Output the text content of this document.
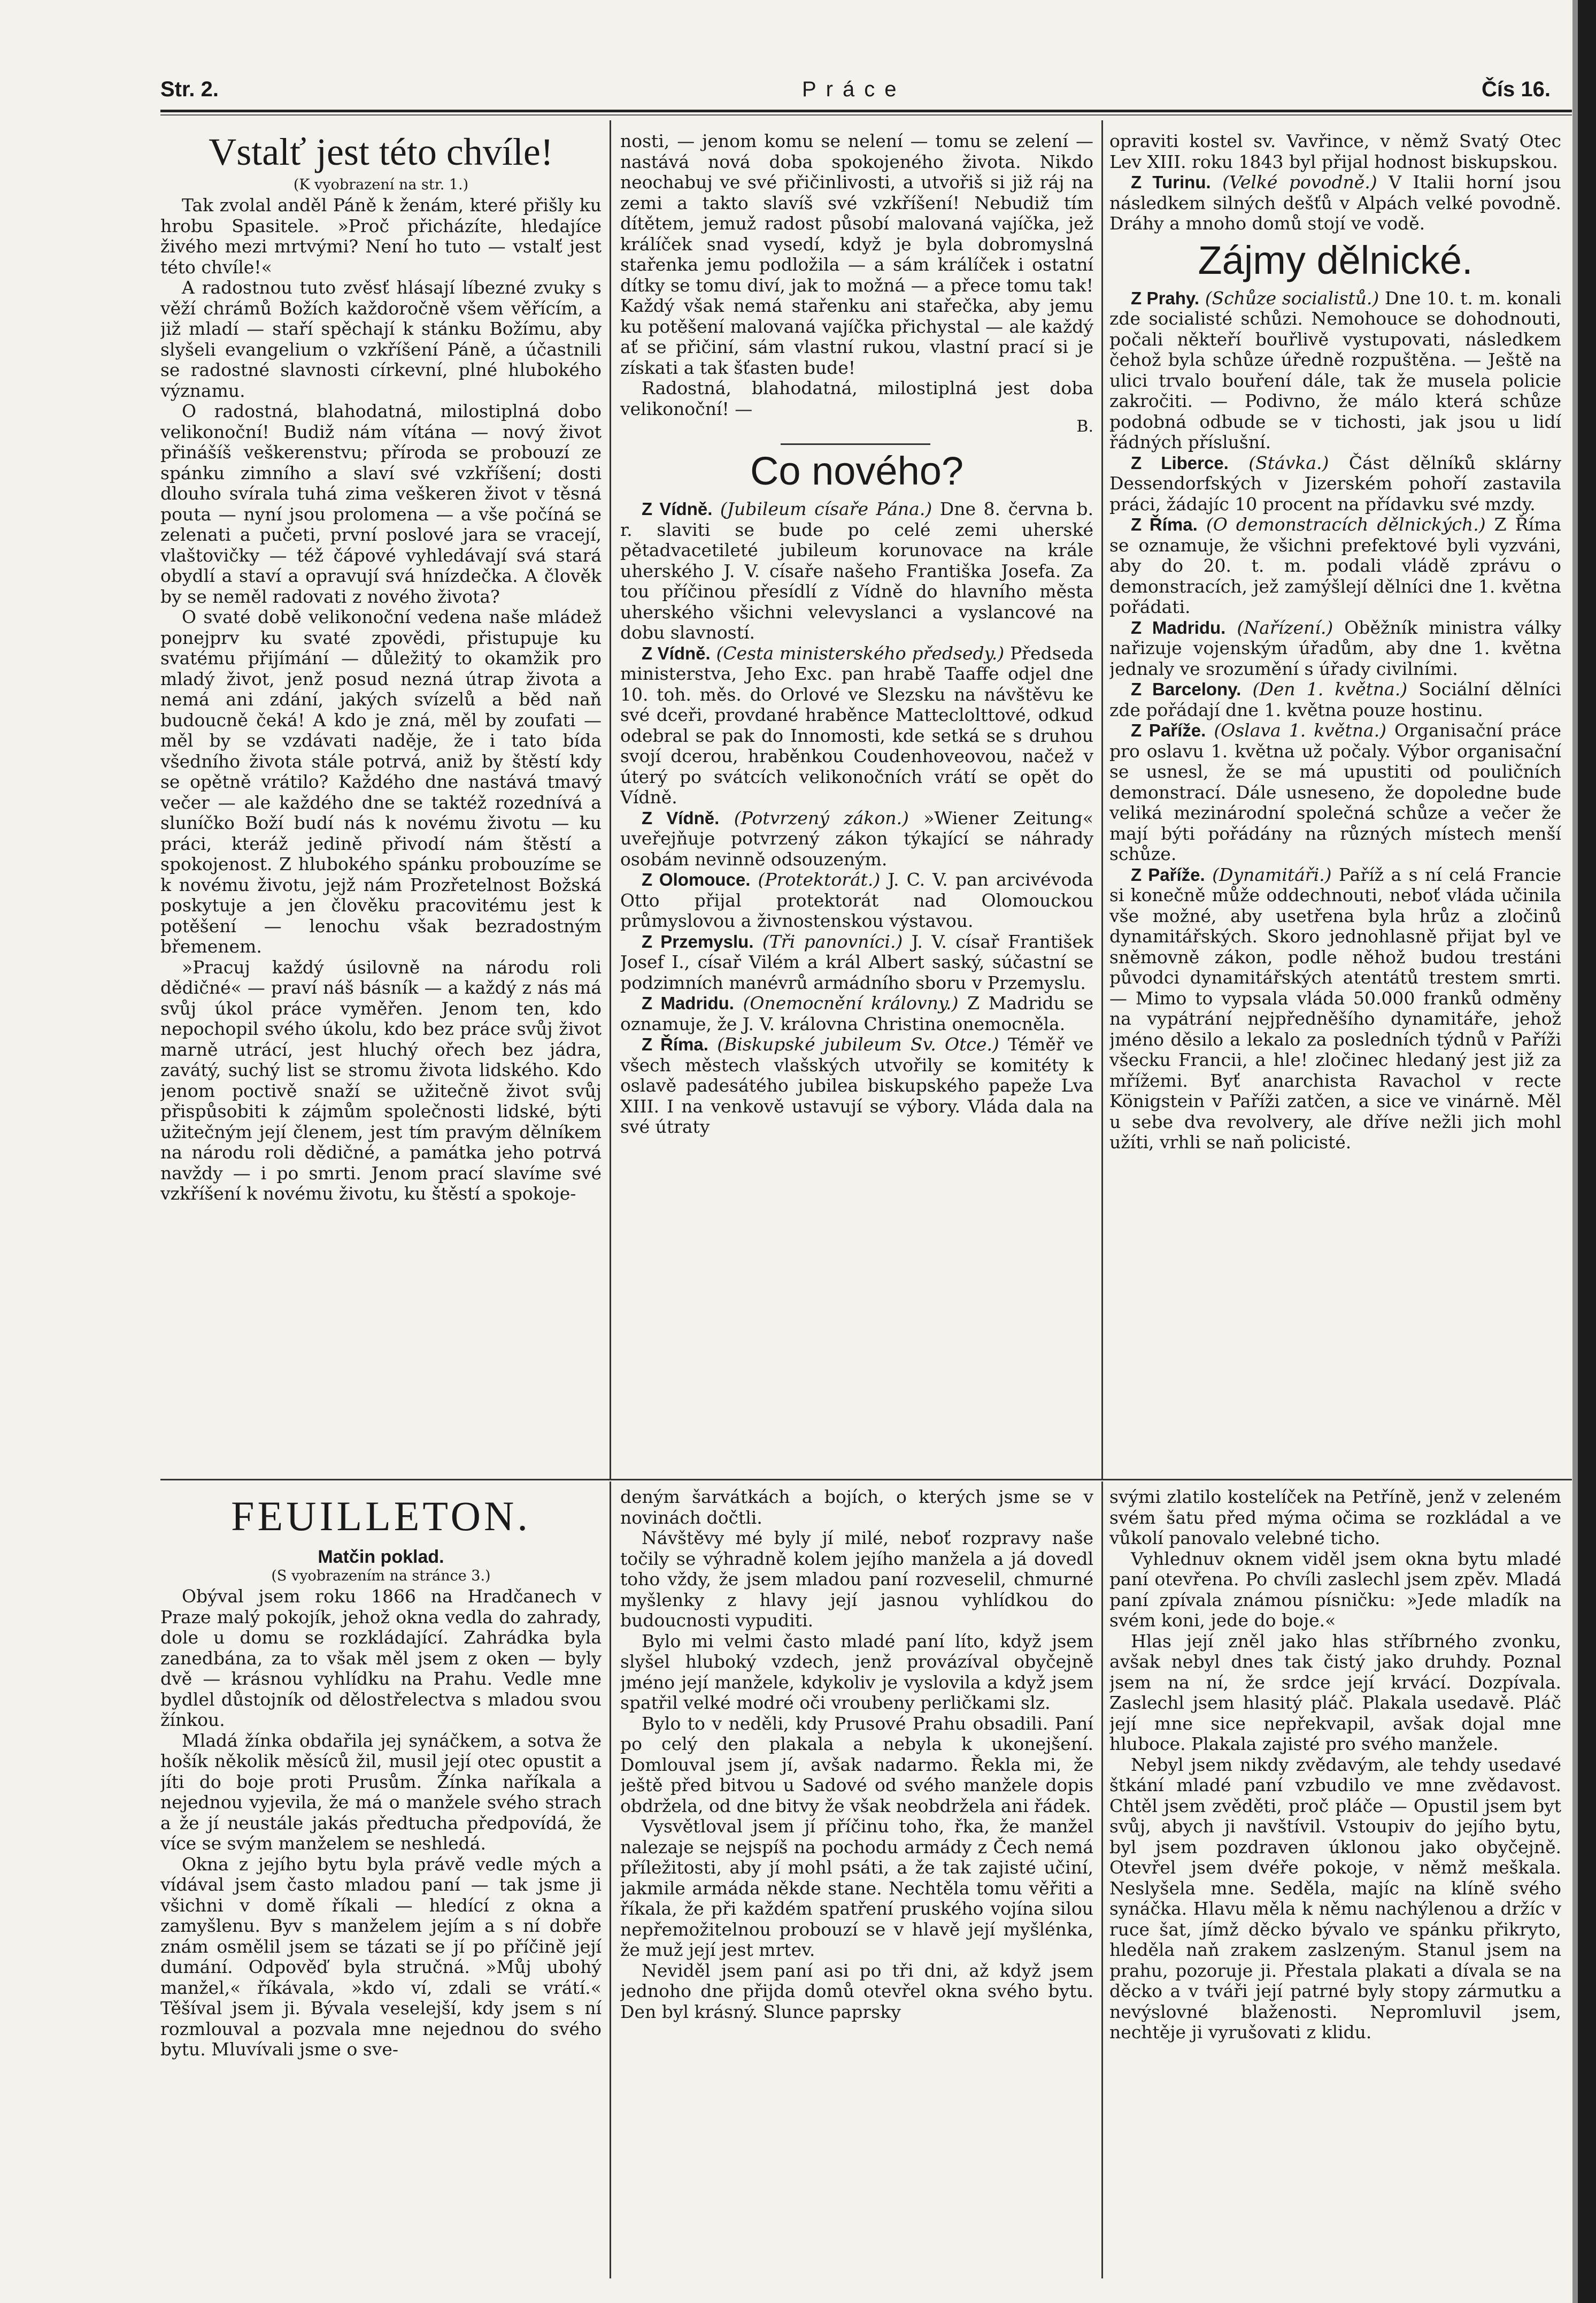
Str. 2.	Práce	Čís 16.
Vstalť jest této chvíle!
(K vyobrazení na str. 1.)

Tak zvolal anděl Páně k ženám, které přišly ku hrobu Spasitele. »Proč přicházíte, hledajíce živého mezi mrtvými? Není ho tuto — vstalť jest této chvíle!«

A radostnou tuto zvěsť hlásají líbezné zvuky s věží chrámů Božích každoročně všem věřícím, a již mladí — staří spěchají k stánku Božímu, aby slyšeli evangelium o vzkříšení Páně, a účastnili se radostné slavnosti církevní, plné hlubokého významu.

O radostná, blahodatná, milostiplná dobo velikonoční! Budiž nám vítána — nový život přinášíš veškerenstvu; příroda se probouzí ze spánku zimního a slaví své vzkříšení; dosti dlouho svírala tuhá zima veškeren život v těsná pouta — nyní jsou prolomena — a vše počíná se zelenati a pučeti, první poslové jara se vracejí, vlaštovičky — též čápové vyhledávají svá stará obydlí a staví a opravují svá hnízdečka. A člověk by se neměl radovati z nového života?

O svaté době velikonoční vedena naše mládež ponejprv ku svaté zpovědi, přistupuje ku svatému přijímání — důležitý to okamžik pro mladý život, jenž posud nezná útrap života a nemá ani zdání, jakých svízelů a běd naň budoucně čeká! A kdo je zná, měl by zoufati — měl by se vzdávati naděje, že i tato bída všedního života stále potrvá, aniž by štěstí kdy se opětně vrátilo? Každého dne nastává tmavý večer — ale každého dne se taktéž rozednívá a sluníčko Boží budí nás k novému životu — ku práci, kteráž jedině přivodí nám štěstí a spokojenost. Z hlubokého spánku probouzíme se k novému životu, jejž nám Prozřetelnost Božská poskytuje a jen člověku pracovitému jest k potěšení — lenochu však bezradostným břemenem.

»Pracuj každý úsilovně na národu roli dědičné« — praví náš básník — a každý z nás má svůj úkol práce vyměřen. Jenom ten, kdo nepochopil svého úkolu, kdo bez práce svůj život marně utrácí, jest hluchý ořech bez jádra, zavátý, suchý list se stromu života lidského. Kdo jenom poctivě snaží se užitečně život svůj přispůsobiti k zájmům společnosti lidské, býti užitečným její členem, jest tím pravým dělníkem na národu roli dědičné, a památka jeho potrvá navždy — i po smrti. Jenom prací slavíme své vzkříšení k novému životu, ku štěstí a spokoje-

nosti, — jenom komu se nelení — tomu se zelení — nastává nová doba spokojeného života. Nikdo neochabuj ve své přičinlivosti, a utvořiš si již ráj na zemi a takto slavíš své vzkříšení! Nebudiž tím dítětem, jemuž radost působí malovaná vajíčka, jež králíček snad vysedí, když je byla dobromyslná stařenka jemu podložila — a sám králíček i ostatní dítky se tomu diví, jak to možná — a přece tomu tak! Každý však nemá stařenku ani stařečka, aby jemu ku potěšení malovaná vajíčka přichystal — ale každý ať se přičiní, sám vlastní rukou, vlastní prací si je získati a tak šťasten bude!

Radostná, blahodatná, milostiplná jest doba velikonoční! —

B.
Co nového?

Z Vídně. (Jubileum císaře Pána.) Dne 8. června b. r. slaviti se bude po celé zemi uherské pětadvacetileté jubileum korunovace na krále uherského J. V. císaře našeho Františka Josefa. Za tou příčinou přesídlí z Vídně do hlavního města uherského všichni velevyslanci a vyslancové na dobu slavností.

Z Vídně. (Cesta ministerského předsedy.) Předseda ministerstva, Jeho Exc. pan hrabě Taaffe odjel dne 10. toh. měs. do Orlové ve Slezsku na návštěvu ke své dceři, provdané hraběnce Matteclolttové, odkud odebral se pak do Innomosti, kde setká se s druhou svojí dcerou, hraběnkou Coudenhoveovou, načež v úterý po svátcích velikonočních vrátí se opět do Vídně.

Z Vídně. (Potvrzený zákon.) »Wiener Zeitung« uveřejňuje potvrzený zákon týkající se náhrady osobám nevinně odsouzeným.

Z Olomouce. (Protektorát.) J. C. V. pan arcivévoda Otto přijal protektorát nad Olomouckou průmyslovou a živnostenskou výstavou.

Z Przemyslu. (Tři panovníci.) J. V. císař František Josef I., císař Vilém a král Albert saský, súčastní se podzimních manévrů armádního sboru v Przemyslu.

Z Madridu. (Onemocnění královny.) Z Madridu se oznamuje, že J. V. královna Christina onemocněla.

Z Říma. (Biskupské jubileum Sv. Otce.) Téměř ve všech městech vlašských utvořily se komitéty k oslavě padesátého jubilea biskupského papeže Lva XIII. I na venkově ustavují se výbory. Vláda dala na své útraty

opraviti kostel sv. Vavřince, v němž Svatý Otec Lev XIII. roku 1843 byl přijal hodnost biskupskou.

Z Turinu. (Velké povodně.) V Italii horní jsou následkem silných dešťů v Alpách velké povodně. Dráhy a mnoho domů stojí ve vodě.

Zájmy dělnické.

Z Prahy. (Schůze socialistů.) Dne 10. t. m. konali zde socialisté schůzi. Nemohouce se dohodnouti, počali někteří bouřlivě vystupovati, následkem čehož byla schůze úředně rozpuštěna. — Ještě na ulici trvalo bouření dále, tak že musela policie zakročiti. — Podivno, že málo která schůze podobná odbude se v tichosti, jak jsou u lidí řádných příslušní.

Z Liberce. (Stávka.) Část dělníků sklárny Dessendorfských v Jizerském pohoří zastavila práci, žádajíc 10 procent na přídavku své mzdy.

Z Říma. (O demonstracích dělnických.) Z Říma se oznamuje, že všichni prefektové byli vyzváni, aby do 20. t. m. podali vládě zprávu o demonstracích, jež zamýšlejí dělníci dne 1. května pořádati.

Z Madridu. (Nařízení.) Oběžník ministra války nařizuje vojenským úřadům, aby dne 1. května jednaly ve srozumění s úřady civilními.

Z Barcelony. (Den 1. května.) Sociální dělníci zde pořádají dne 1. května pouze hostinu.

Z Paříže. (Oslava 1. května.) Organisační práce pro oslavu 1. května už počaly. Výbor organisační se usnesl, že se má upustiti od pouličních demonstrací. Dále usneseno, že dopoledne bude veliká mezinárodní společná schůze a večer že mají býti pořádány na různých místech menší schůze.

Z Paříže. (Dynamitáři.) Paříž a s ní celá Francie si konečně může oddechnouti, neboť vláda učinila vše možné, aby usetřena byla hrůz a zločinů dynamitářských. Skoro jednohlasně přijat byl ve sněmovně zákon, podle něhož budou trestáni původci dynamitářských atentátů trestem smrti. — Mimo to vypsala vláda 50.000 franků odměny na vypátrání nejpředněšího dynamitáře, jehož jméno děsilo a lekalo za posledních týdnů v Paříži všecku Francii, a hle! zločinec hledaný jest již za mřížemi. Byť anarchista Ravachol v recte Königstein v Paříži zatčen, a sice ve vinárně. Měl u sebe dva revolvery, ale dříve nežli jich mohl užíti, vrhli se naň policisté.

FEUILLETON.
Matčin poklad.
(S vyobrazením na stránce 3.)

Obýval jsem roku 1866 na Hradčanech v Praze malý pokojík, jehož okna vedla do zahrady, dole u domu se rozkládající. Zahrádka byla zanedbána, za to však měl jsem z oken — byly dvě — krásnou vyhlídku na Prahu. Vedle mne bydlel důstojník od dělostřelectva s mladou svou žínkou.

Mladá žínka obdařila jej synáčkem, a sotva že hošík několik měsíců žil, musil její otec opustit a jíti do boje proti Prusům. Žínka naříkala a nejednou vyjevila, že má o manžele svého strach a že jí neustále jakás předtucha předpovídá, že více se svým manželem se neshledá.

Okna z jejího bytu byla právě vedle mých a vídával jsem často mladou paní — tak jsme ji všichni v domě říkali — hledící z okna a zamyšlenu. Byv s manželem jejím a s ní dobře znám osmělil jsem se tázati se jí po příčině její dumání. Odpověď byla stručná. »Můj ubohý manžel,« říkávala, »kdo ví, zdali se vrátí.« Těšíval jsem ji. Bývala veselejší, kdy jsem s ní rozmlouval a pozvala mne nejednou do svého bytu. Mluvívali jsme o sve-

deným šarvátkách a bojích, o kterých jsme se v novinách dočtli.

Návštěvy mé byly jí milé, neboť rozpravy naše točily se výhradně kolem jejího manžela a já dovedl toho vždy, že jsem mladou paní rozveselil, chmurné myšlenky z hlavy její jasnou vyhlídkou do budoucnosti vypuditi.

Bylo mi velmi často mladé paní líto, když jsem slyšel hluboký vzdech, jenž provázíval obyčejně jméno její manžele, kdykoliv je vyslovila a když jsem spatřil velké modré oči vroubeny perličkami slz.

Bylo to v neděli, kdy Prusové Prahu obsadili. Paní po celý den plakala a nebyla k ukonejšení. Domlouval jsem jí, avšak nadarmo. Řekla mi, že ještě před bitvou u Sadové od svého manžele dopis obdržela, od dne bitvy že však neobdržela ani řádek.

Vysvětloval jsem jí příčinu toho, řka, že manžel nalezaje se nejspíš na pochodu armády z Čech nemá příležitosti, aby jí mohl psáti, a že tak zajisté učiní, jakmile armáda někde stane. Nechtěla tomu věřiti a říkala, že při každém spatření pruského vojína silou nepřemožitelnou probouzí se v hlavě její myšlénka, že muž její jest mrtev.

Neviděl jsem paní asi po tři dni, až když jsem jednoho dne přijda domů otevřel okna svého bytu. Den byl krásný. Slunce paprsky

svými zlatilo kostelíček na Petříně, jenž v zeleném svém šatu před mýma očima se rozkládal a ve vůkolí panovalo velebné ticho.

Vyhlednuv oknem viděl jsem okna bytu mladé paní otevřena. Po chvíli zaslechl jsem zpěv. Mladá paní zpívala známou písničku: »Jede mladík na svém koni, jede do boje.«

Hlas její zněl jako hlas stříbrného zvonku, avšak nebyl dnes tak čistý jako druhdy. Poznal jsem na ní, že srdce její krvácí. Dozpívala. Zaslechl jsem hlasitý pláč. Plakala usedavě. Pláč její mne sice nepřekvapil, avšak dojal mne hluboce. Plakala zajisté pro svého manžele.

Nebyl jsem nikdy zvědavým, ale tehdy usedavé štkání mladé paní vzbudilo ve mne zvědavost. Chtěl jsem zvěděti, proč pláče — Opustil jsem byt svůj, abych ji navštívil. Vstoupiv do jejího bytu, byl jsem pozdraven úklonou jako obyčejně. Otevřel jsem dvéře pokoje, v němž meškala. Neslyšela mne. Seděla, majíc na klíně svého synáčka. Hlavu měla k němu nachýlenou a držíc v ruce šat, jímž děcko bývalo ve spánku přikryto, hleděla naň zrakem zaslzeným. Stanul jsem na prahu, pozoruje ji. Přestala plakati a dívala se na děcko a v tváři její patrné byly stopy zármutku a nevýslovné blaženosti. Nepromluvil jsem, nechtěje ji vyrušovati z klidu.
